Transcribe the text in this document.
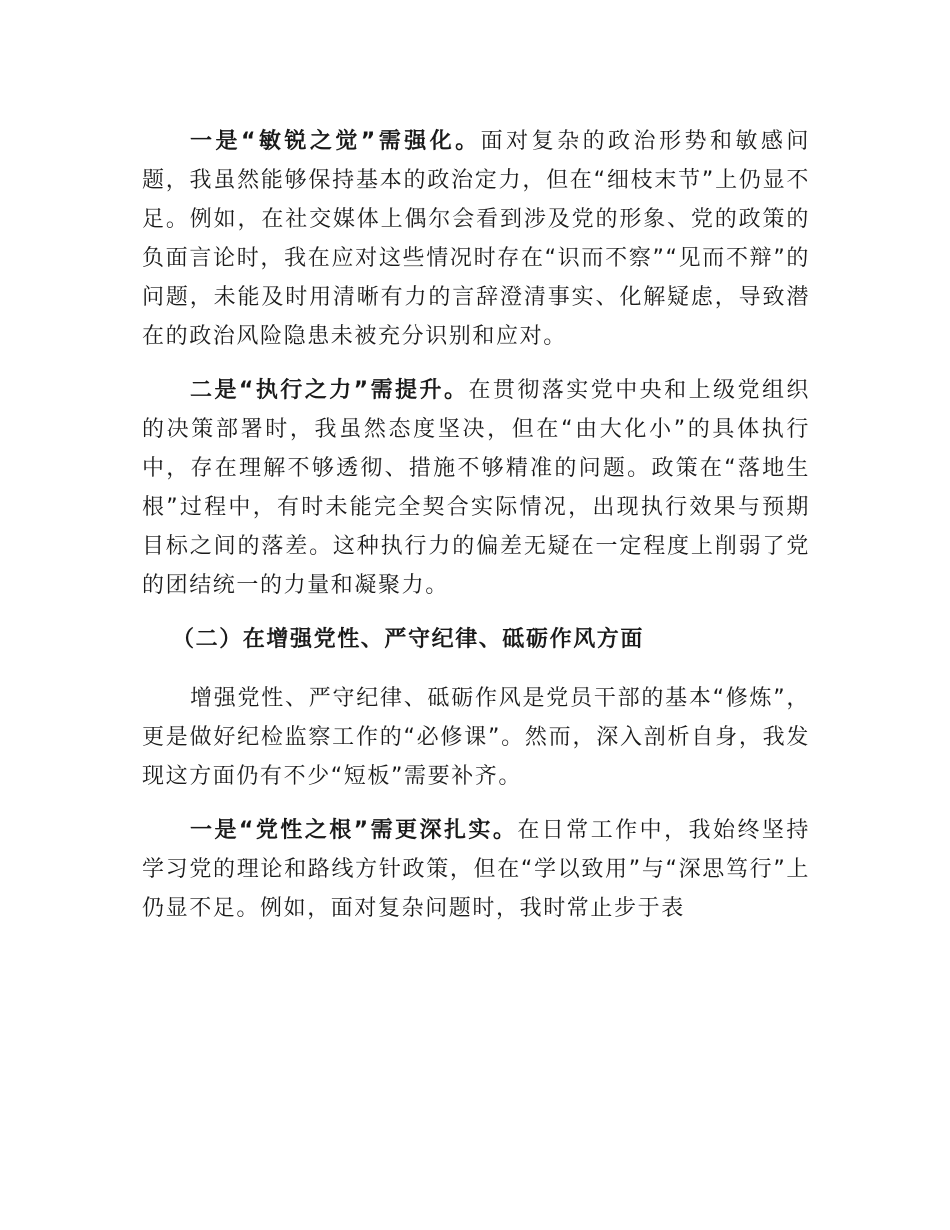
一是“敏锐之觉”需强化。面对复杂的政治形势和敏感问题，我虽然能够保持基本的政治定力，但在“细枝末节”上仍显不足。例如，在社交媒体上偶尔会看到涉及党的形象、党的政策的负面言论时，我在应对这些情况时存在“识而不察”“见而不辩”的问题，未能及时用清晰有力的言辞澄清事实、化解疑虑，导致潜在的政治风险隐患未被充分识别和应对。

二是“执行之力”需提升。在贯彻落实党中央和上级党组织的决策部署时，我虽然态度坚决，但在“由大化小”的具体执行中，存在理解不够透彻、措施不够精准的问题。政策在“落地生根”过程中，有时未能完全契合实际情况，出现执行效果与预期目标之间的落差。这种执行力的偏差无疑在一定程度上削弱了党的团结统一的力量和凝聚力。

（二）在增强党性、严守纪律、砥砺作风方面

增强党性、严守纪律、砥砺作风是党员干部的基本“修炼”，更是做好纪检监察工作的“必修课”。然而，深入剖析自身，我发现这方面仍有不少“短板”需要补齐。

一是“党性之根”需更深扎实。在日常工作中，我始终坚持学习党的理论和路线方针政策，但在“学以致用”与“深思笃行”上仍显不足。例如，面对复杂问题时，我时常止步于表
